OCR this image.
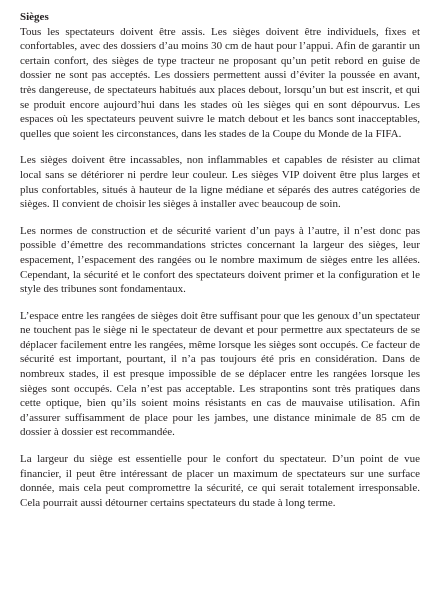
Sièges

Tous les spectateurs doivent être assis. Les sièges doivent être individuels, fixes et confortables, avec des dossiers d’au moins 30 cm de haut pour l’appui. Afin de garantir un certain confort, des sièges de type tracteur ne proposant qu’un petit rebord en guise de dossier ne sont pas acceptés. Les dossiers permettent aussi d’éviter la poussée en avant, très dangereuse, de spectateurs habitués aux places debout, lorsqu’un but est inscrit, et qui se produit encore aujourd’hui dans les stades où les sièges qui en sont dépourvus. Les espaces où les spectateurs peuvent suivre le match debout et les bancs sont inacceptables, quelles que soient les circonstances, dans les stades de la Coupe du Monde de la FIFA.

Les sièges doivent être incassables, non inflammables et capables de résister au climat local sans se détériorer ni perdre leur couleur. Les sièges VIP doivent être plus larges et plus confortables, situés à hauteur de la ligne médiane et séparés des autres catégories de sièges. Il convient de choisir les sièges à installer avec beaucoup de soin.

Les normes de construction et de sécurité varient d’un pays à l’autre, il n’est donc pas possible d’émettre des recommandations strictes concernant la largeur des sièges, leur espacement, l’espacement des rangées ou le nombre maximum de sièges entre les allées. Cependant, la sécurité et le confort des spectateurs doivent primer et la configuration et le style des tribunes sont fondamentaux.

L’espace entre les rangées de sièges doit être suffisant pour que les genoux d’un spectateur ne touchent pas le siège ni le spectateur de devant et pour permettre aux spectateurs de se déplacer facilement entre les rangées, même lorsque les sièges sont occupés. Ce facteur de sécurité est important, pourtant, il n’a pas toujours été pris en considération. Dans de nombreux stades, il est presque impossible de se déplacer entre les rangées lorsque les sièges sont occupés. Cela n’est pas acceptable. Les strapontins sont très pratiques dans cette optique, bien qu’ils soient moins résistants en cas de mauvaise utilisation. Afin d’assurer suffisamment de place pour les jambes, une distance minimale de 85 cm de dossier à dossier est recommandée.

La largeur du siège est essentielle pour le confort du spectateur. D’un point de vue financier, il peut être intéressant de placer un maximum de spectateurs sur une surface donnée, mais cela peut compromettre la sécurité, ce qui serait totalement irresponsable. Cela pourrait aussi détourner certains spectateurs du stade à long terme.
